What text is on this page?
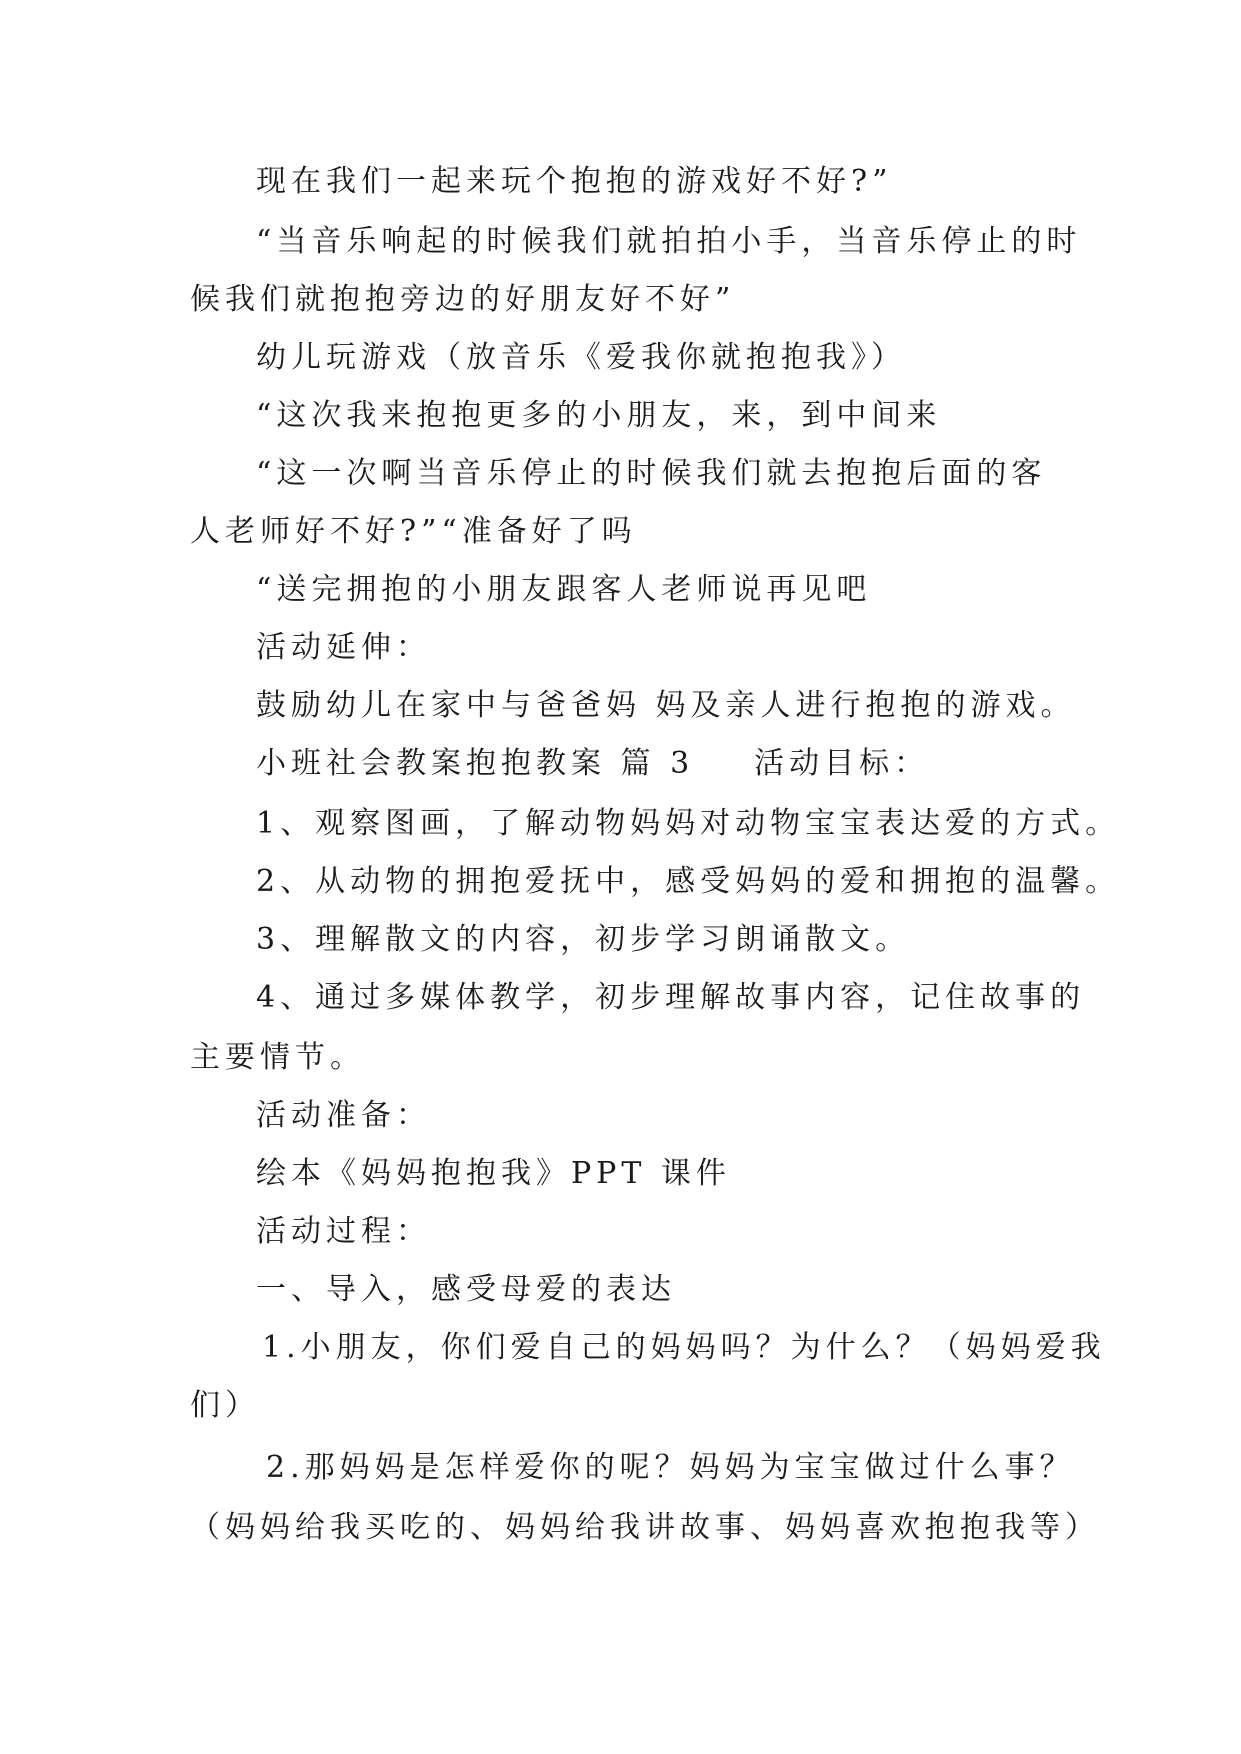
现在我们一起来玩个抱抱的游戏好不好?”
“当音乐响起的时候我们就拍拍小手，当音乐停止的时
候我们就抱抱旁边的好朋友好不好”
幼儿玩游戏（放音乐《爱我你就抱抱我》）
“这次我来抱抱更多的小朋友，来，到中间来
“这一次啊当音乐停止的时候我们就去抱抱后面的客
人老师好不好?”“准备好了吗
“送完拥抱的小朋友跟客人老师说再见吧
活动延伸：
鼓励幼儿在家中与爸爸妈 妈及亲人进行抱抱的游戏。
小班社会教案抱抱教案 篇 3 活动目标：
1、观察图画，了解动物妈妈对动物宝宝表达爱的方式。
2、从动物的拥抱爱抚中，感受妈妈的爱和拥抱的温馨。
3、理解散文的内容，初步学习朗诵散文。
4、通过多媒体教学，初步理解故事内容，记住故事的
主要情节。
活动准备：
绘本《妈妈抱抱我》PPT 课件
活动过程：
一、导入，感受母爱的表达
1.小朋友，你们爱自己的妈妈吗？为什么？（妈妈爱我
们）
2.那妈妈是怎样爱你的呢？妈妈为宝宝做过什么事？
（妈妈给我买吃的、妈妈给我讲故事、妈妈喜欢抱抱我等）
